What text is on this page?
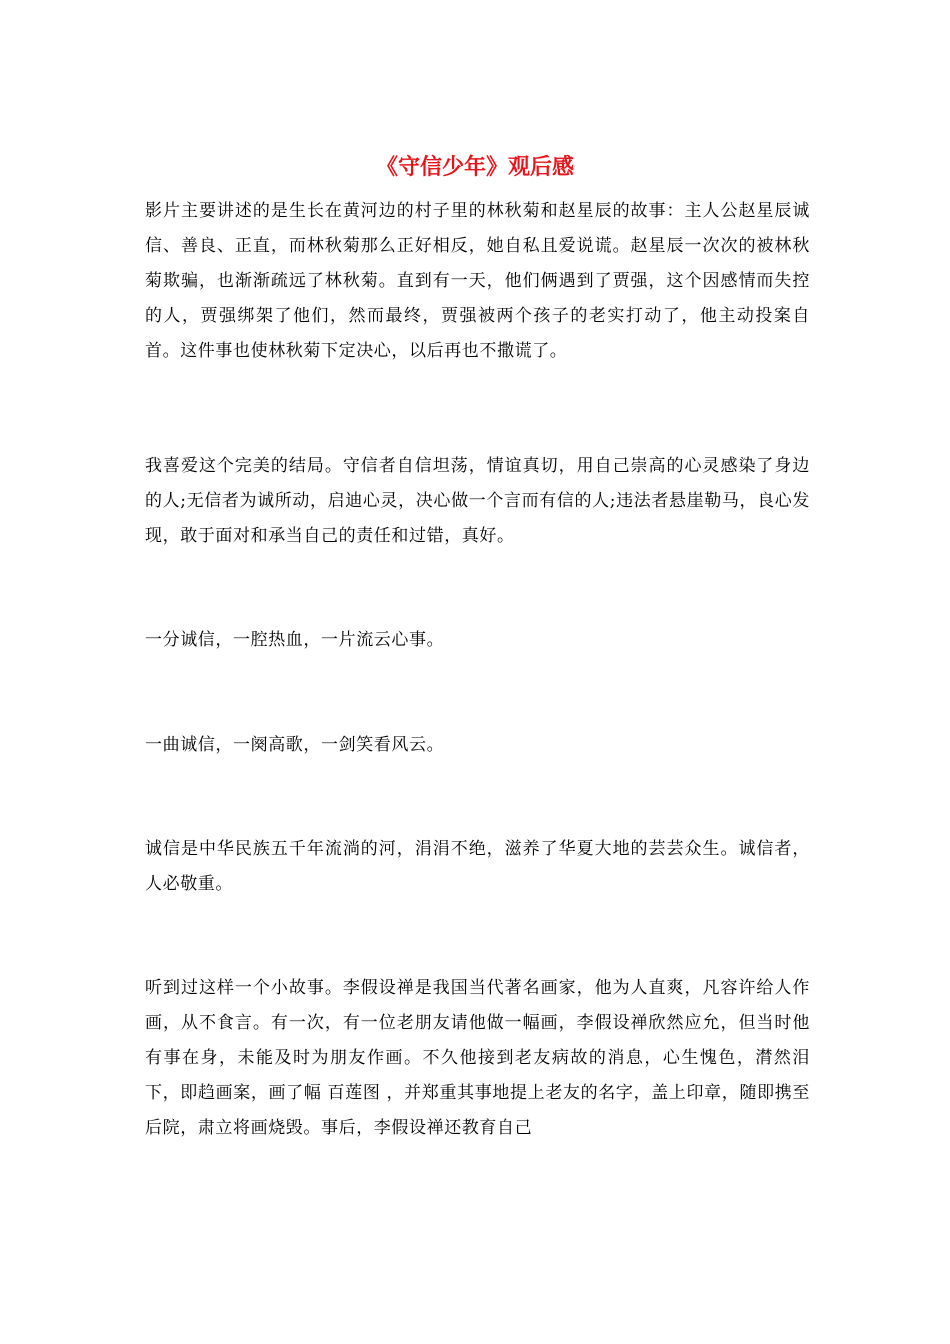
《守信少年》观后感

影片主要讲述的是生长在黄河边的村子里的林秋菊和赵星辰的故事：主人公赵星辰诚信、善良、正直，而林秋菊那么正好相反，她自私且爱说谎。赵星辰一次次的被林秋菊欺骗，也渐渐疏远了林秋菊。直到有一天，他们俩遇到了贾强，这个因感情而失控的人，贾强绑架了他们，然而最终，贾强被两个孩子的老实打动了，他主动投案自首。这件事也使林秋菊下定决心，以后再也不撒谎了。

我喜爱这个完美的结局。守信者自信坦荡，情谊真切，用自己崇高的心灵感染了身边的人;无信者为诚所动，启迪心灵，决心做一个言而有信的人;违法者悬崖勒马，良心发现，敢于面对和承当自己的责任和过错，真好。

一分诚信，一腔热血，一片流云心事。

一曲诚信，一阕高歌，一剑笑看风云。

诚信是中华民族五千年流淌的河，涓涓不绝，滋养了华夏大地的芸芸众生。诚信者，人必敬重。

听到过这样一个小故事。李假设禅是我国当代著名画家，他为人直爽，凡容许给人作画，从不食言。有一次，有一位老朋友请他做一幅画，李假设禅欣然应允，但当时他有事在身，未能及时为朋友作画。不久他接到老友病故的消息，心生愧色，潸然泪下，即趋画案，画了幅 百莲图 ，并郑重其事地提上老友的名字，盖上印章，随即携至后院，肃立将画烧毁。事后，李假设禅还教育自己
